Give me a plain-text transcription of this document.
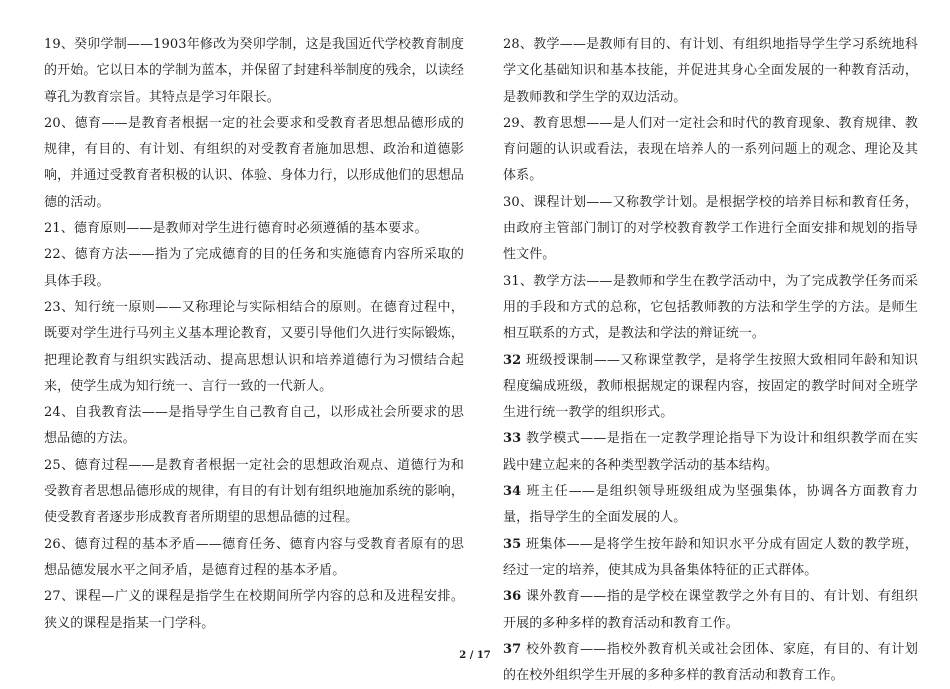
19、癸卯学制——1903年修改为癸卯学制，这是我国近代学校教育制度的开始。它以日本的学制为蓝本，并保留了封建科举制度的残余，以读经尊孔为教育宗旨。其特点是学习年限长。

20、德育——是教育者根据一定的社会要求和受教育者思想品德形成的规律，有目的、有计划、有组织的对受教育者施加思想、政治和道德影响，并通过受教育者积极的认识、体验、身体力行，以形成他们的思想品德的活动。

21、德育原则——是教师对学生进行德育时必须遵循的基本要求。

22、德育方法——指为了完成德育的目的任务和实施德育内容所采取的具体手段。

23、知行统一原则——又称理论与实际相结合的原则。在德育过程中，既要对学生进行马列主义基本理论教育，又要引导他们久进行实际锻炼，把理论教育与组织实践活动、提高思想认识和培养道德行为习惯结合起来，使学生成为知行统一、言行一致的一代新人。

24、自我教育法——是指导学生自己教育自己，以形成社会所要求的思想品德的方法。

25、德育过程——是教育者根据一定社会的思想政治观点、道德行为和受教育者思想品德形成的规律，有目的有计划有组织地施加系统的影响，使受教育者逐步形成教育者所期望的思想品德的过程。

26、德育过程的基本矛盾——德育任务、德育内容与受教育者原有的思想品德发展水平之间矛盾，是德育过程的基本矛盾。

27、课程—广义的课程是指学生在校期间所学内容的总和及进程安排。狭义的课程是指某一门学科。

28、教学——是教师有目的、有计划、有组织地指导学生学习系统地科学文化基础知识和基本技能，并促进其身心全面发展的一种教育活动，是教师教和学生学的双边活动。

29、教育思想——是人们对一定社会和时代的教育现象、教育规律、教育问题的认识或看法，表现在培养人的一系列问题上的观念、理论及其体系。

30、课程计划——又称教学计划。是根据学校的培养目标和教育任务，由政府主管部门制订的对学校教育教学工作进行全面安排和规划的指导性文件。

31、教学方法——是教师和学生在教学活动中，为了完成教学任务而采用的手段和方式的总称，它包括教师教的方法和学生学的方法。是师生相互联系的方式，是教法和学法的辩证统一。

32 班级授课制——又称课堂教学，是将学生按照大致相同年龄和知识程度编成班级，教师根据规定的课程内容，按固定的教学时间对全班学生进行统一教学的组织形式。

33 教学模式——是指在一定教学理论指导下为设计和组织教学而在实践中建立起来的各种类型教学活动的基本结构。

34 班主任——是组织领导班级组成为坚强集体，协调各方面教育力量，指导学生的全面发展的人。

35 班集体——是将学生按年龄和知识水平分成有固定人数的教学班，经过一定的培养，使其成为具备集体特征的正式群体。

36 课外教育——指的是学校在课堂教学之外有目的、有计划、有组织开展的多种多样的教育活动和教育工作。

37 校外教育——指校外教育机关或社会团体、家庭，有目的、有计划的在校外组织学生开展的多种多样的教育活动和教育工作。

2 / 17
